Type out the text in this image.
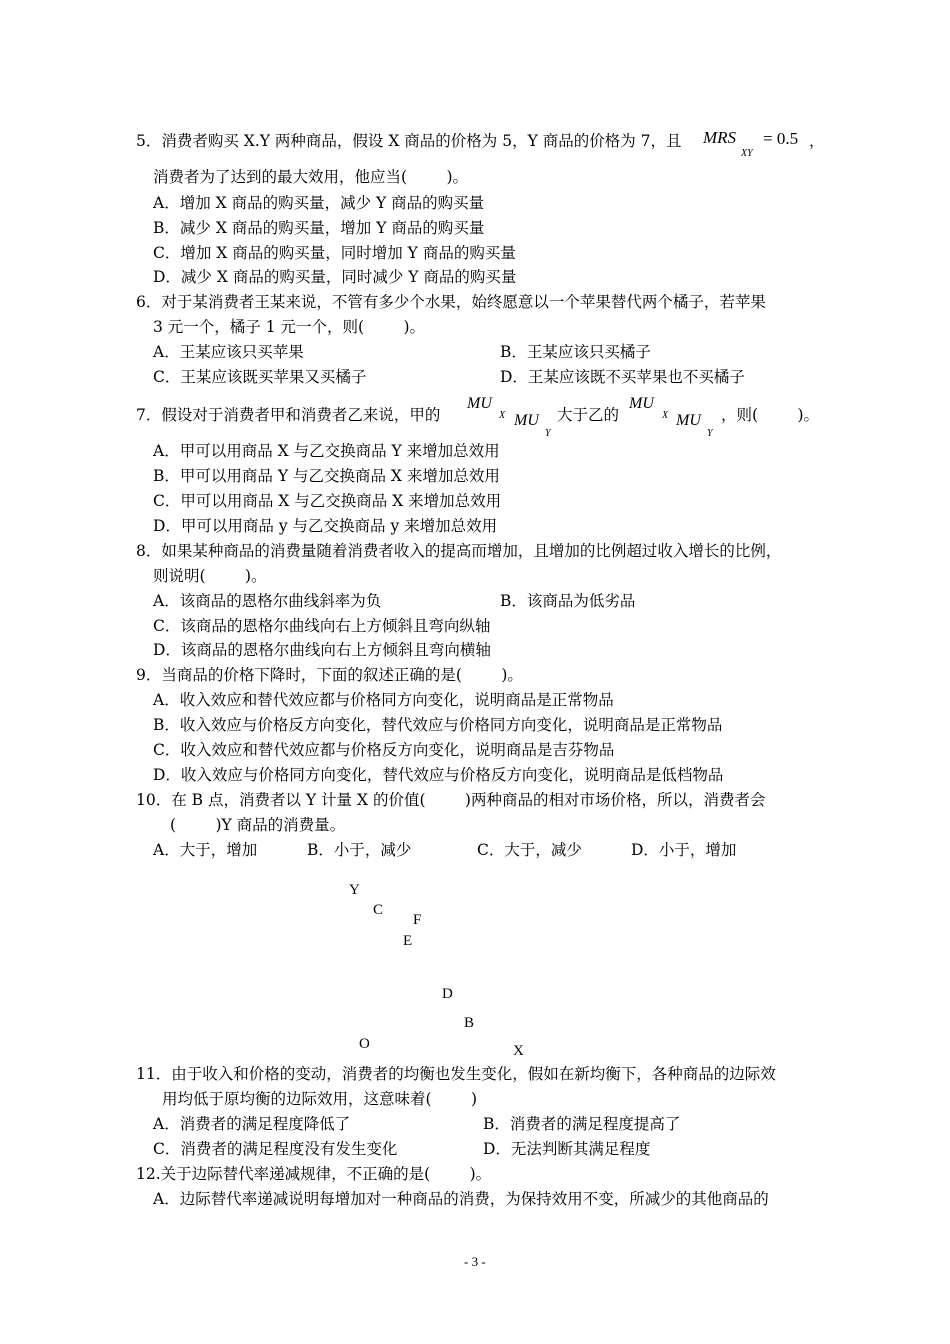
5．消费者购买 X.Y 两种商品，假设 X 商品的价格为 5，Y 商品的价格为 7，且 MRS
XY
= 0.5 ，
消费者为了达到的最大效用，他应当(        )。
A．增加 X 商品的购买量，减少 Y 商品的购买量
B．减少 X 商品的购买量，增加 Y 商品的购买量
C．增加 X 商品的购买量，同时增加 Y 商品的购买量
D．减少 X 商品的购买量，同时减少 Y 商品的购买量
6．对于某消费者王某来说，不管有多少个水果，始终愿意以一个苹果替代两个橘子，若苹果
3 元一个，橘子 1 元一个，则(        )。
A．王某应该只买苹果	B．王某应该只买橘子
C．王某应该既买苹果又买橘子	D．王某应该既不买苹果也不买橘子
7．假设对于消费者甲和消费者乙来说，甲的
MU
X MU
Y
大于乙的
MU
X MU
Y
，则(        )。
A．甲可以用商品 X 与乙交换商品 Y 来增加总效用
B．甲可以用商品 Y 与乙交换商品 X 来增加总效用
C．甲可以用商品 X 与乙交换商品 X 来增加总效用
D．甲可以用商品 y 与乙交换商品 y 来增加总效用
8．如果某种商品的消费量随着消费者收入的提高而增加，且增加的比例超过收入增长的比例，
则说明(        )。
A．该商品的恩格尔曲线斜率为负	B．该商品为低劣品
C．该商品的恩格尔曲线向右上方倾斜且弯向纵轴
D．该商品的恩格尔曲线向右上方倾斜且弯向横轴
9．当商品的价格下降时，下面的叙述正确的是(        )。
A．收入效应和替代效应都与价格同方向变化，说明商品是正常物品
B．收入效应与价格反方向变化，替代效应与价格同方向变化，说明商品是正常物品
C．收入效应和替代效应都与价格反方向变化，说明商品是吉芬物品
D．收入效应与价格同方向变化，替代效应与价格反方向变化，说明商品是低档物品
10．在 B 点，消费者以 Y 计量 X 的价值(        )两种商品的相对市场价格，所以，消费者会
(        )Y 商品的消费量。
A．大于，增加	B．小于，减少	C．大于，减少	D．小于，增加
Y
C
F
E
D
B
O	X
11．由于收入和价格的变动，消费者的均衡也发生变化，假如在新均衡下，各种商品的边际效
用均低于原均衡的边际效用，这意味着(        )
A．消费者的满足程度降低了	B．消费者的满足程度提高了
C．消费者的满足程度没有发生变化	D．无法判断其满足程度
12.关于边际替代率递减规律，不正确的是(        )。
A．边际替代率递减说明每增加对一种商品的消费，为保持效用不变，所减少的其他商品的
- 3 -
